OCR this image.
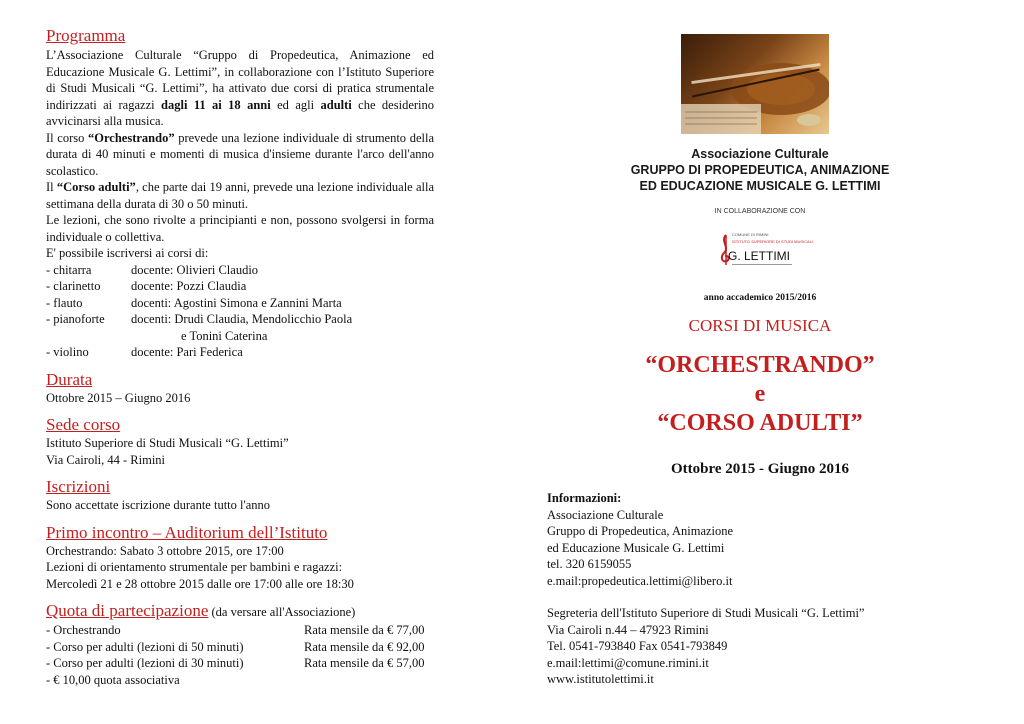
Programma
L’Associazione Culturale “Gruppo di Propedeutica, Animazione ed Educazione Musicale G. Lettimi”, in collaborazione con l’Istituto Superiore di Studi Musicali “G. Lettimi”, ha attivato due corsi di pratica strumentale indirizzati ai ragazzi dagli 11 ai 18 anni ed agli adulti che desiderino avvicinarsi alla musica.
Il corso “Orchestrando” prevede una lezione individuale di strumento della durata di 40 minuti e momenti di musica d'insieme durante l'arco dell'anno scolastico.
Il “Corso adulti”, che parte dai 19 anni, prevede una lezione individuale alla settimana della durata di 30 o 50 minuti.
Le lezioni, che sono rivolte a principianti e non, possono svolgersi in forma individuale o collettiva.
E' possibile iscriversi ai corsi di:
- chitarra	docente: Olivieri Claudio
- clarinetto	docente: Pozzi Claudia
- flauto	docenti: Agostini Simona e Zannini Marta
- pianoforte	docenti: Drudi Claudia, Mendolicchio Paola
e Tonini Caterina
- violino	docente: Pari Federica
Durata
Ottobre 2015 – Giugno 2016
Sede corso
Istituto Superiore di Studi Musicali “G. Lettimi”
Via Cairoli, 44 - Rimini
Iscrizioni
Sono accettate iscrizione durante tutto l'anno
Primo incontro – Auditorium dell’Istituto
Orchestrando: Sabato 3 ottobre 2015, ore 17:00
Lezioni di orientamento strumentale per bambini e ragazzi:
Mercoledì 21 e 28 ottobre 2015 dalle ore 17:00 alle ore 18:30
Quota di partecipazione (da versare all'Associazione)
- Orchestrando	Rata mensile da € 77,00
- Corso per adulti (lezioni di 50 minuti)	Rata mensile da € 92,00
- Corso per adulti (lezioni di 30 minuti)	Rata mensile da € 57,00
- € 10,00 quota associativa
Associazione Culturale
GRUPPO DI PROPEDEUTICA, ANIMAZIONE
ED EDUCAZIONE MUSICALE G. LETTIMI
IN COLLABORAZIONE CON
COMUNE DI RIMINI
ISTITUTO SUPERIORE DI STUDI MUSICALI
G. LETTIMI
anno accademico 2015/2016
CORSI DI MUSICA
“ORCHESTRANDO”
e
“CORSO ADULTI”
Ottobre 2015 - Giugno 2016
Informazioni:
Associazione Culturale
Gruppo di Propedeutica, Animazione
ed Educazione Musicale G. Lettimi
tel. 320 6159055
e.mail:propedeutica.lettimi@libero.it
Segreteria dell'Istituto Superiore di Studi Musicali “G. Lettimi”
Via Cairoli n.44 – 47923 Rimini
Tel. 0541-793840 Fax 0541-793849
e.mail:lettimi@comune.rimini.it
www.istitutolettimi.it
